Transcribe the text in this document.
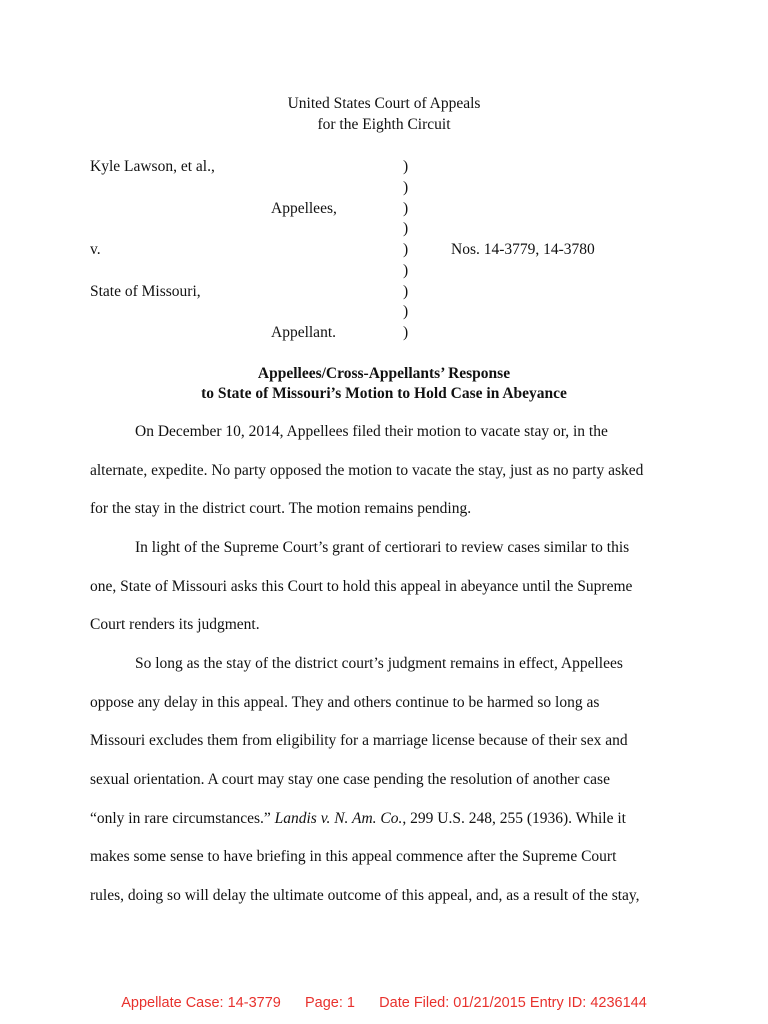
United States Court of Appeals
for the Eighth Circuit
Kyle Lawson, et al.,
Appellees,
v.	Nos. 14-3779, 14-3780
State of Missouri,
Appellant.
)
)
)
)
)
)
)
)
)
Appellees/Cross-Appellants’ Response
to State of Missouri’s Motion to Hold Case in Abeyance
On December 10, 2014, Appellees filed their motion to vacate stay or, in the
alternate, expedite. No party opposed the motion to vacate the stay, just as no party asked
for the stay in the district court. The motion remains pending.
In light of the Supreme Court’s grant of certiorari to review cases similar to this
one, State of Missouri asks this Court to hold this appeal in abeyance until the Supreme
Court renders its judgment.
So long as the stay of the district court’s judgment remains in effect, Appellees
oppose any delay in this appeal. They and others continue to be harmed so long as
Missouri excludes them from eligibility for a marriage license because of their sex and
sexual orientation. A court may stay one case pending the resolution of another case
“only in rare circumstances.” Landis v. N. Am. Co., 299 U.S. 248, 255 (1936). While it
makes some sense to have briefing in this appeal commence after the Supreme Court
rules, doing so will delay the ultimate outcome of this appeal, and, as a result of the stay,
Appellate Case: 14-3779      Page: 1      Date Filed: 01/21/2015 Entry ID: 4236144
